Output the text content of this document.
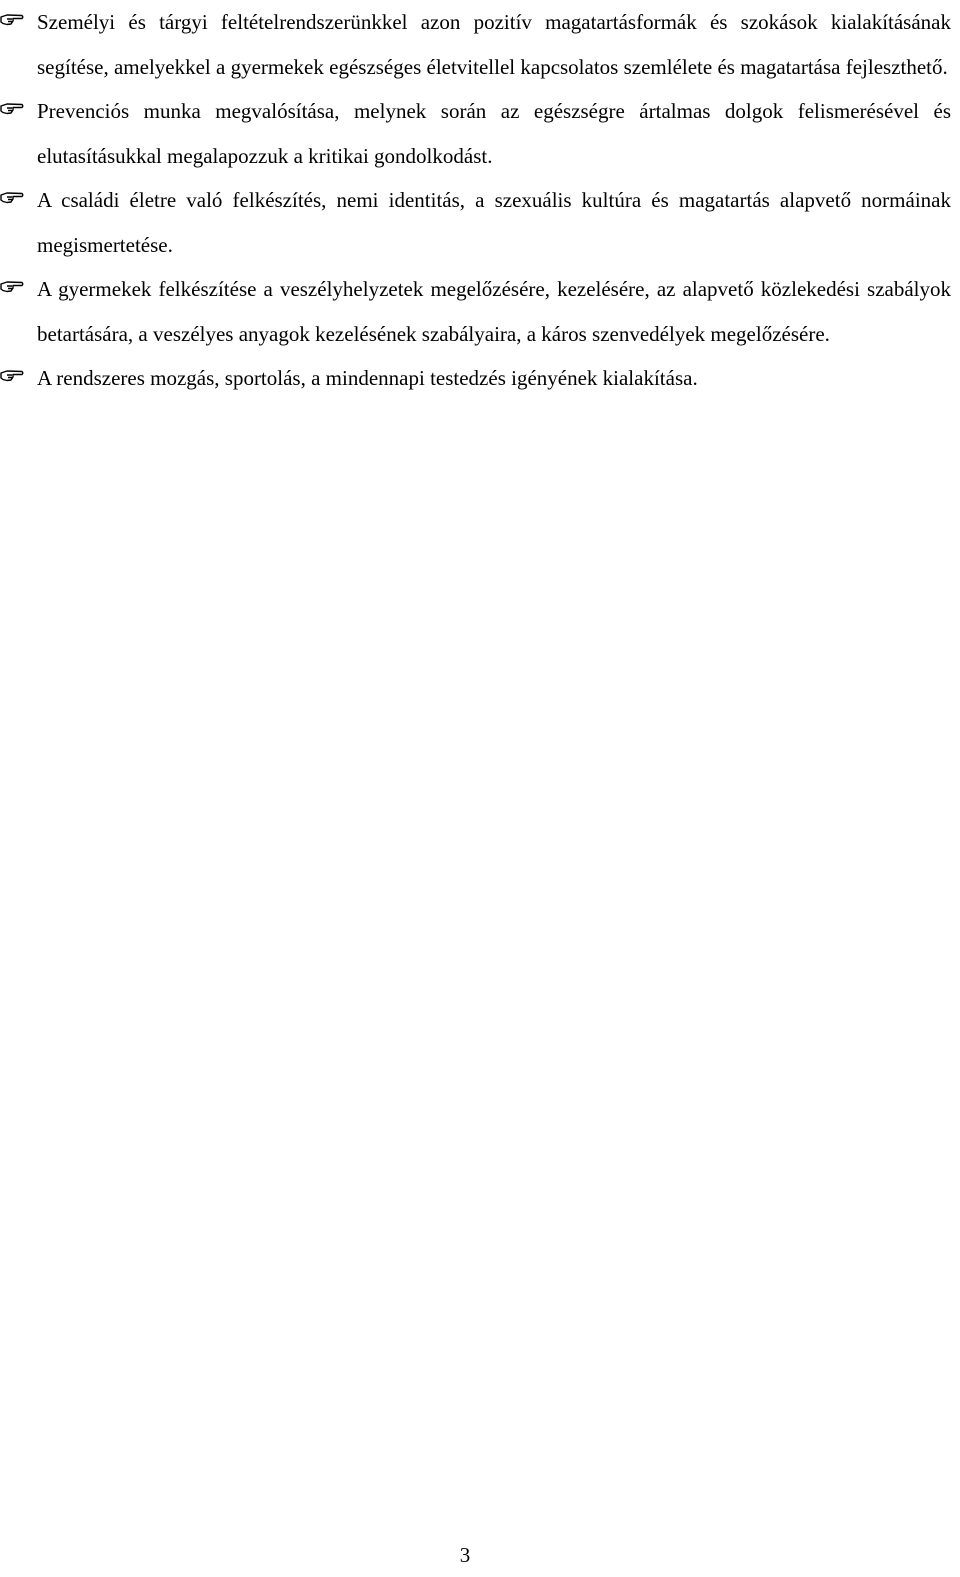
Személyi és tárgyi feltételrendszerünkkel azon pozitív magatartásformák és szokások kialakításának segítése, amelyekkel a gyermekek egészséges életvitellel kapcsolatos szemlélete és magatartása fejleszthető.
Prevenciós munka megvalósítása, melynek során az egészségre ártalmas dolgok felismerésével és elutasításukkal megalapozzuk a kritikai gondolkodást.
A családi életre való felkészítés, nemi identitás, a szexuális kultúra és magatartás alapvető normáinak megismertetése.
A gyermekek felkészítése a veszélyhelyzetek megelőzésére, kezelésére, az alapvető közlekedési szabályok betartására, a veszélyes anyagok kezelésének szabályaira, a káros szenvedélyek megelőzésére.
A rendszeres mozgás, sportolás, a mindennapi testedzés igényének kialakítása.
3
